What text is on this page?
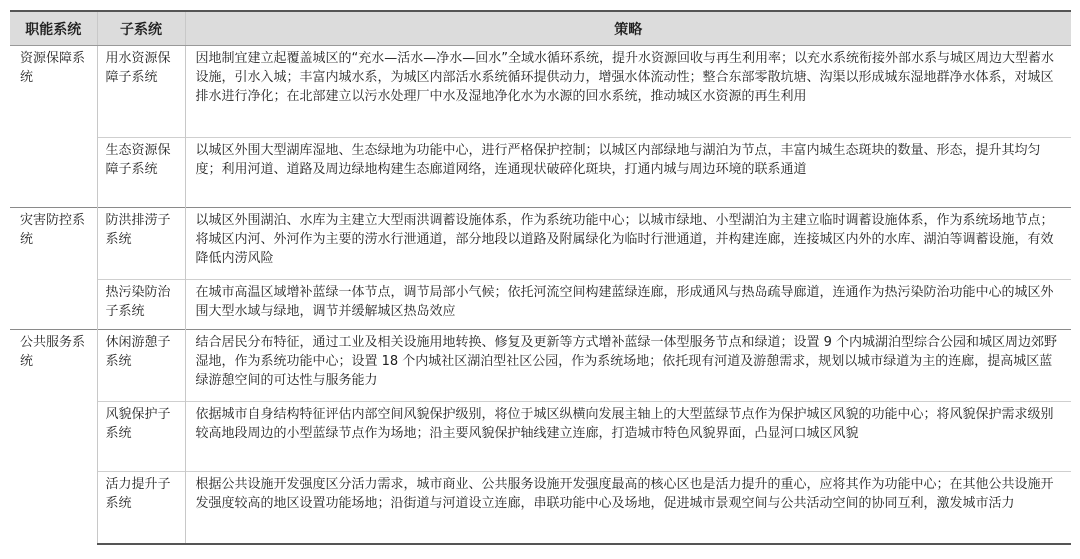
职能系统	子系统	策略
资源保障系统	用水资源保障子系统	因地制宜建立起覆盖城区的“充水—活水—净水—回水”全域水循环系统，提升水资源回收与再生利用率；以充水系统衔接外部水系与城区周边大型蓄水设施，引水入城；丰富内城水系，为城区内部活水系统循环提供动力，增强水体流动性；整合东部零散坑塘、沟渠以形成城东湿地群净水体系，对城区排水进行净化；在北部建立以污水处理厂中水及湿地净化水为水源的回水系统，推动城区水资源的再生利用
	生态资源保障子系统	以城区外围大型湖库湿地、生态绿地为功能中心，进行严格保护控制；以城区内部绿地与湖泊为节点，丰富内城生态斑块的数量、形态，提升其均匀度；利用河道、道路及周边绿地构建生态廊道网络，连通现状破碎化斑块，打通内城与周边环境的联系通道
灾害防控系统	防洪排涝子系统	以城区外围湖泊、水库为主建立大型雨洪调蓄设施体系，作为系统功能中心；以城市绿地、小型湖泊为主建立临时调蓄设施体系，作为系统场地节点；将城区内河、外河作为主要的涝水行泄通道，部分地段以道路及附属绿化为临时行泄通道，并构建连廊，连接城区内外的水库、湖泊等调蓄设施，有效降低内涝风险
	热污染防治子系统	在城市高温区域增补蓝绿一体节点，调节局部小气候；依托河流空间构建蓝绿连廊，形成通风与热岛疏导廊道，连通作为热污染防治功能中心的城区外围大型水域与绿地，调节并缓解城区热岛效应
公共服务系统	休闲游憩子系统	结合居民分布特征，通过工业及相关设施用地转换、修复及更新等方式增补蓝绿一体型服务节点和绿道；设置 9 个内城湖泊型综合公园和城区周边郊野湿地，作为系统功能中心；设置 18 个内城社区湖泊型社区公园，作为系统场地；依托现有河道及游憩需求，规划以城市绿道为主的连廊，提高城区蓝绿游憩空间的可达性与服务能力
	风貌保护子系统	依据城市自身结构特征评估内部空间风貌保护级别，将位于城区纵横向发展主轴上的大型蓝绿节点作为保护城区风貌的功能中心；将风貌保护需求级别较高地段周边的小型蓝绿节点作为场地；沿主要风貌保护轴线建立连廊，打造城市特色风貌界面，凸显河口城区风貌
	活力提升子系统	根据公共设施开发强度区分活力需求，城市商业、公共服务设施开发强度最高的核心区也是活力提升的重心，应将其作为功能中心；在其他公共设施开发强度较高的地区设置功能场地；沿街道与河道设立连廊，串联功能中心及场地，促进城市景观空间与公共活动空间的协同互利，激发城市活力
